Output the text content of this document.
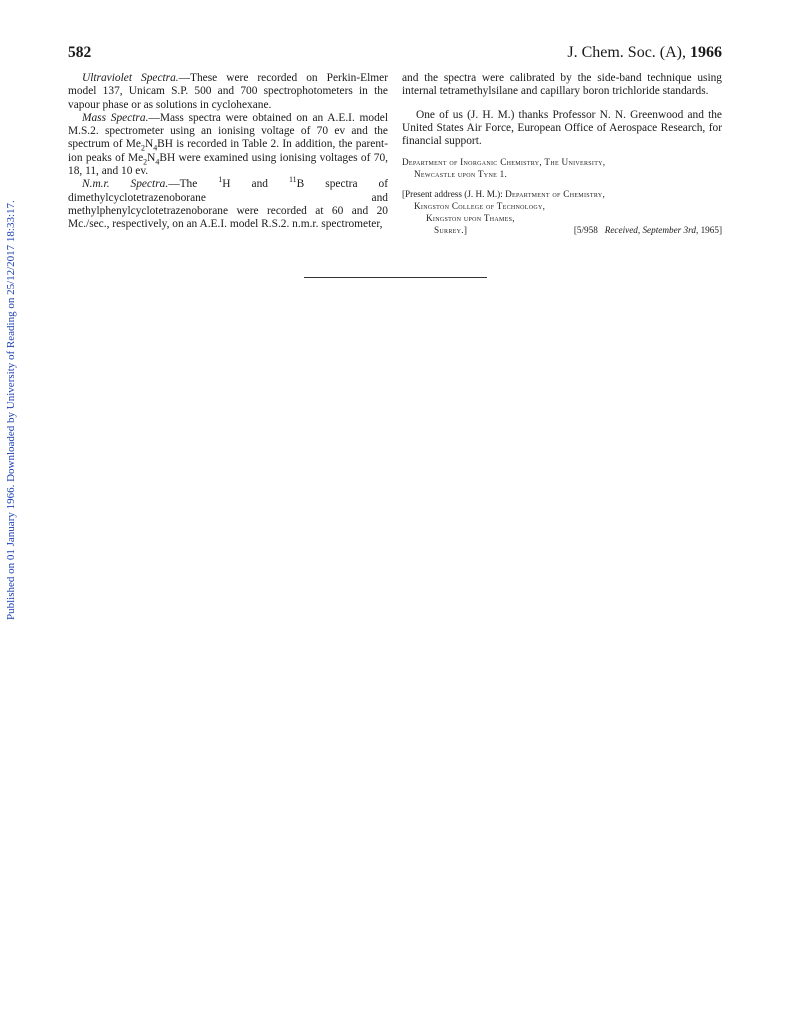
Published on 01 January 1966. Downloaded by University of Reading on 25/12/2017 18:33:17.
582	J. Chem. Soc. (A), 1966

Ultraviolet Spectra.—These were recorded on Perkin-Elmer model 137, Unicam S.P. 500 and 700 spectrophotometers in the vapour phase or as solutions in cyclohexane.

Mass Spectra.—Mass spectra were obtained on an A.E.I. model M.S.2. spectrometer using an ionising voltage of 70 ev and the spectrum of $Me_2N_4BH$ is recorded in Table 2. In addition, the parent-ion peaks of $Me_2N_4BH$ were examined using ionising voltages of 70, 18, 11, and 10 ev.

N.m.r. Spectra.—The $^1$H and $^{11}$B spectra of dimethylcyclotetrazenoborane and methylphenylcyclotetrazenoborane were recorded at 60 and 20 Mc./sec., respectively, on an A.E.I. model R.S.2. n.m.r. spectrometer,

and the spectra were calibrated by the side-band technique using internal tetramethylsilane and capillary boron trichloride standards.

One of us (J. H. M.) thanks Professor N. N. Greenwood and the United States Air Force, European Office of Aerospace Research, for financial support.

Department of Inorganic Chemistry, The University,
Newcastle upon Tyne 1.
[Present address (J. H. M.): Department of Chemistry,
Kingston College of Technology,
Kingston upon Thames,
Surrey.]	[5/958 Received, September 3rd, 1965]
